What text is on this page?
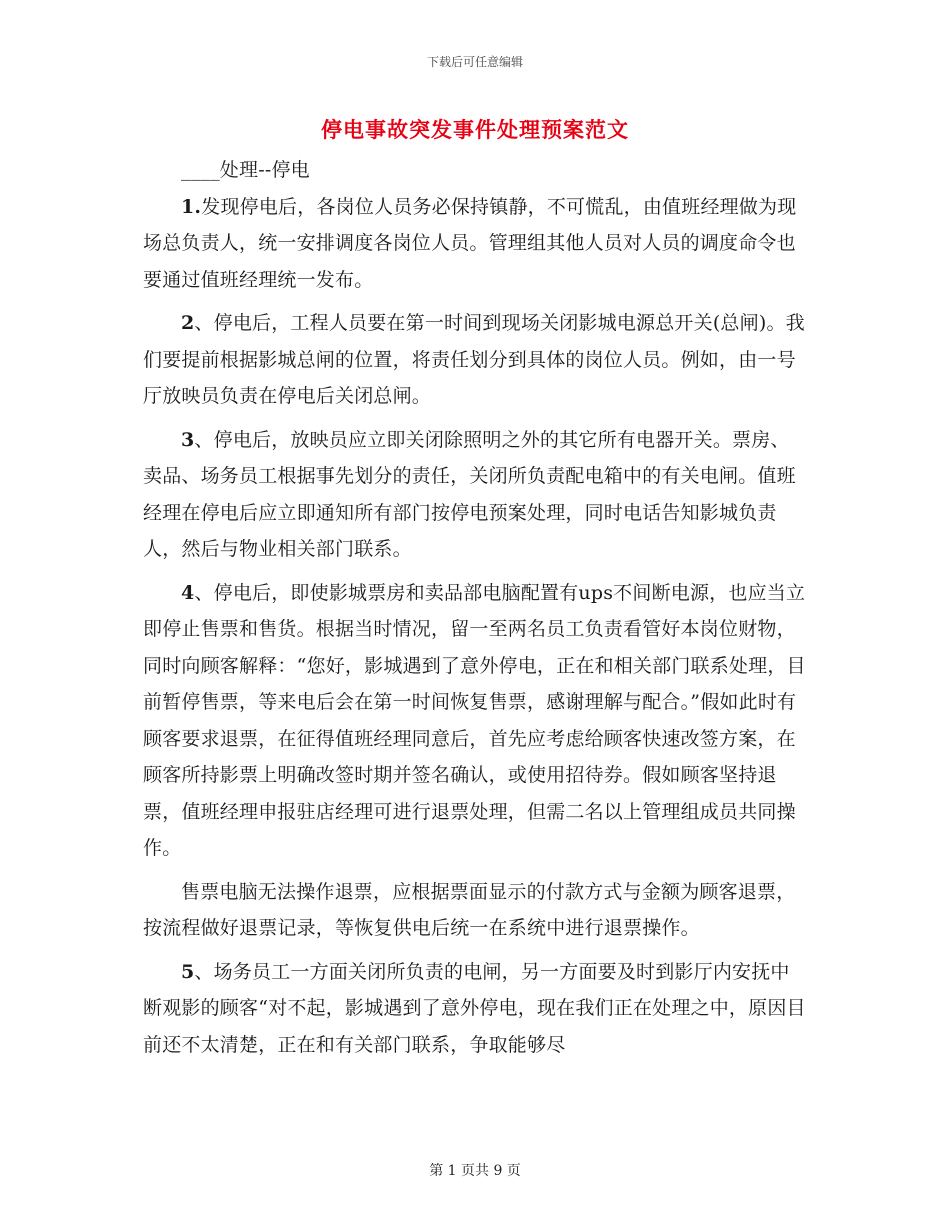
下载后可任意编辑
停电事故突发事件处理预案范文

____处理--停电

1.发现停电后，各岗位人员务必保持镇静，不可慌乱，由值班经理做为现场总负责人，统一安排调度各岗位人员。管理组其他人员对人员的调度命令也要通过值班经理统一发布。

2、停电后，工程人员要在第一时间到现场关闭影城电源总开关(总闸)。我们要提前根据影城总闸的位置，将责任划分到具体的岗位人员。例如，由一号厅放映员负责在停电后关闭总闸。

3、停电后，放映员应立即关闭除照明之外的其它所有电器开关。票房、卖品、场务员工根据事先划分的责任，关闭所负责配电箱中的有关电闸。值班经理在停电后应立即通知所有部门按停电预案处理，同时电话告知影城负责人，然后与物业相关部门联系。

4、停电后，即使影城票房和卖品部电脑配置有ups不间断电源，也应当立即停止售票和售货。根据当时情况，留一至两名员工负责看管好本岗位财物，同时向顾客解释：“您好，影城遇到了意外停电，正在和相关部门联系处理，目前暂停售票，等来电后会在第一时间恢复售票，感谢理解与配合。”假如此时有顾客要求退票，在征得值班经理同意后，首先应考虑给顾客快速改签方案，在顾客所持影票上明确改签时期并签名确认，或使用招待券。假如顾客坚持退票，值班经理申报驻店经理可进行退票处理，但需二名以上管理组成员共同操作。

售票电脑无法操作退票，应根据票面显示的付款方式与金额为顾客退票，按流程做好退票记录，等恢复供电后统一在系统中进行退票操作。

5、场务员工一方面关闭所负责的电闸，另一方面要及时到影厅内安抚中断观影的顾客“对不起，影城遇到了意外停电，现在我们正在处理之中，原因目前还不太清楚，正在和有关部门联系，争取能够尽

第 1 页共 9 页
